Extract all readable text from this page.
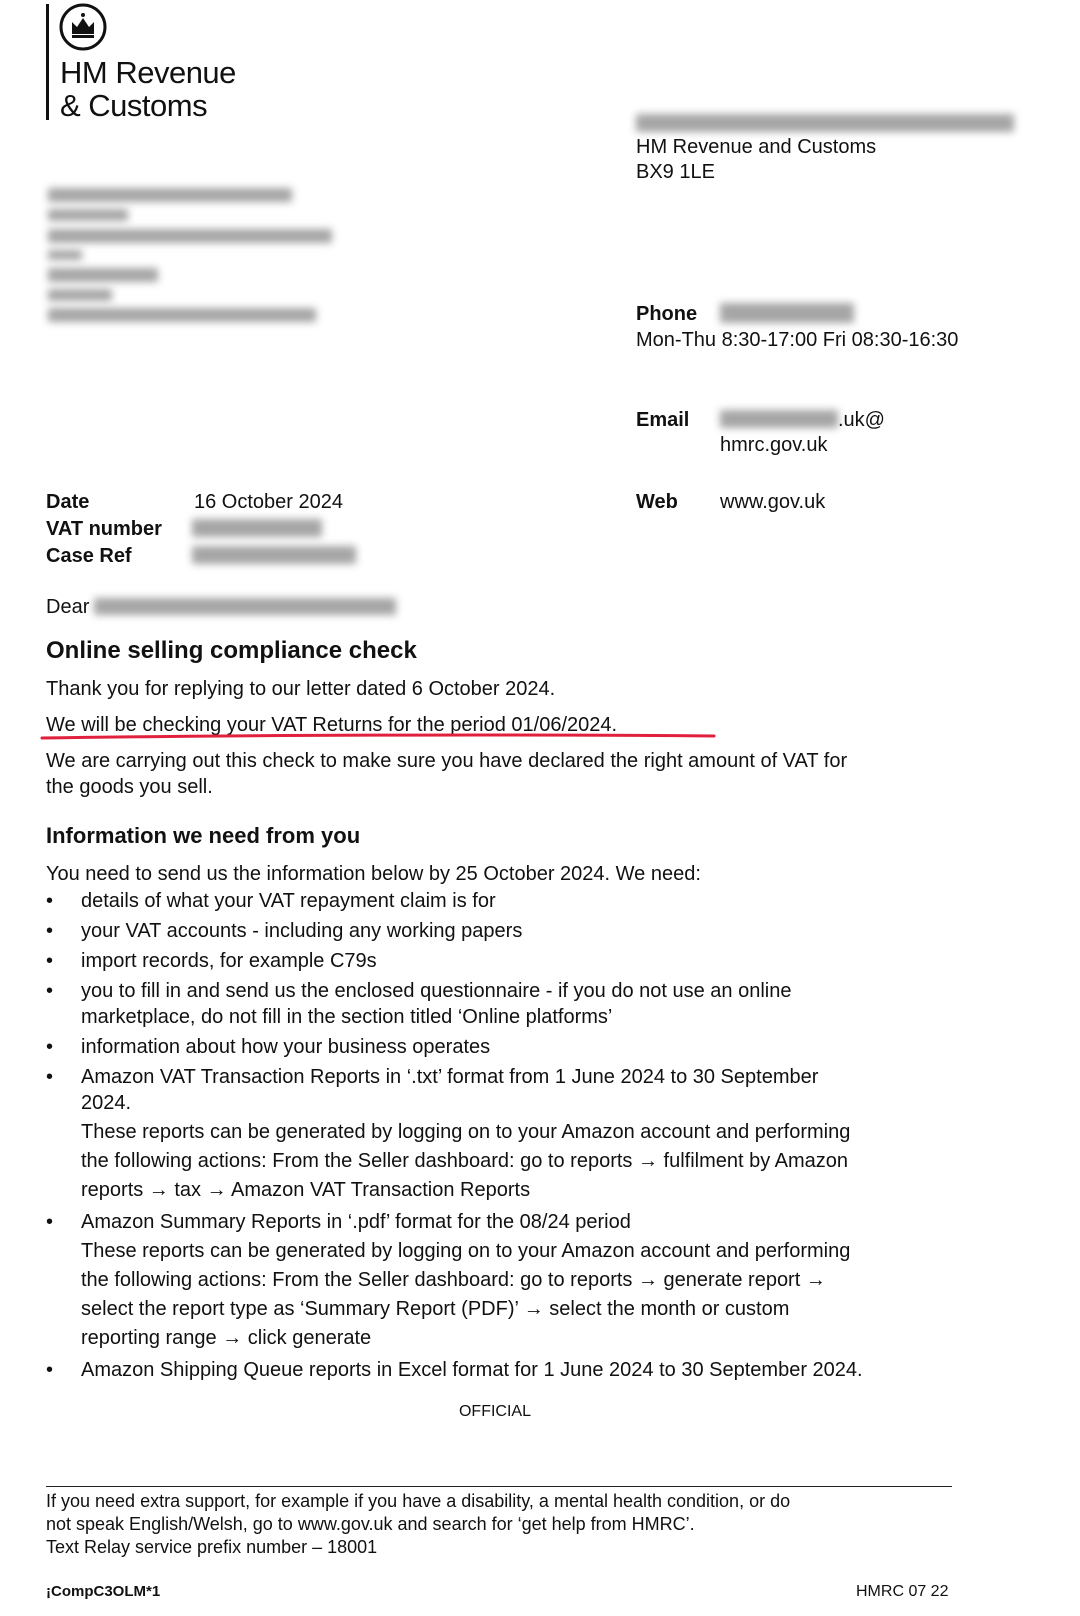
HM Revenue
& Customs
HM Revenue and Customs
BX9 1LE
Phone
Mon-Thu 8:30-17:00 Fri 08:30-16:30
Email	.uk@
hmrc.gov.uk
Web www.gov.uk
Date	16 October 2024
VAT number
Case Ref
Dear
Online selling compliance check
Thank you for replying to our letter dated 6 October 2024.
We will be checking your VAT Returns for the period 01/06/2024.
We are carrying out this check to make sure you have declared the right amount of VAT for
the goods you sell.
Information we need from you
You need to send us the information below by 25 October 2024. We need:
• details of what your VAT repayment claim is for
• your VAT accounts - including any working papers
• import records, for example C79s
• you to fill in and send us the enclosed questionnaire - if you do not use an online
marketplace, do not fill in the section titled ‘Online platforms’
• information about how your business operates
• Amazon VAT Transaction Reports in ‘.txt’ format from 1 June 2024 to 30 September
2024.
These reports can be generated by logging on to your Amazon account and performing
the following actions: From the Seller dashboard: go to reports → fulfilment by Amazon
reports → tax → Amazon VAT Transaction Reports
• Amazon Summary Reports in ‘.pdf’ format for the 08/24 period
These reports can be generated by logging on to your Amazon account and performing
the following actions: From the Seller dashboard: go to reports → generate report →
select the report type as ‘Summary Report (PDF)’ → select the month or custom
reporting range → click generate
• Amazon Shipping Queue reports in Excel format for 1 June 2024 to 30 September 2024.
OFFICIAL
If you need extra support, for example if you have a disability, a mental health condition, or do
not speak English/Welsh, go to www.gov.uk and search for ‘get help from HMRC’.
Text Relay service prefix number – 18001
¡CompC3OLM*1	HMRC 07 22
